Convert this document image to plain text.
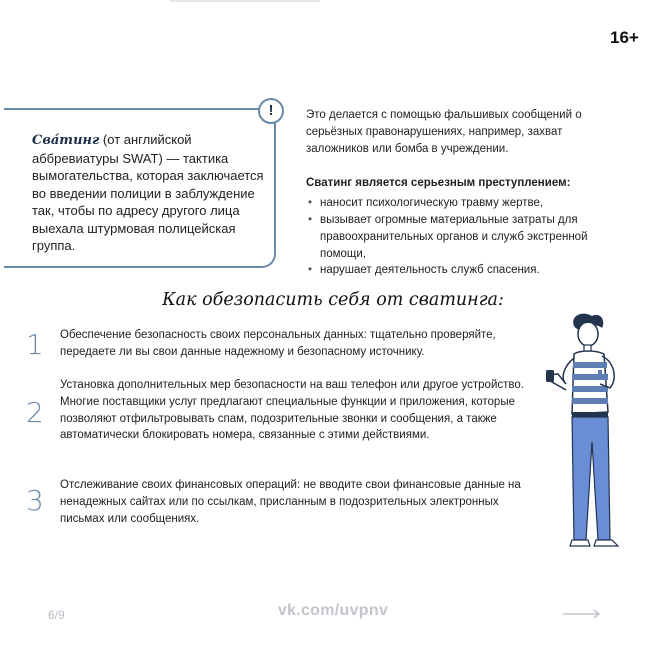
16+
!
Сва́тинг (от английской аббревиатуры SWAT) — тактика вымогательства, которая заключается во введении полиции в заблуждение так, чтобы по адресу другого лица выехала штурмовая полицейская группа.

Это делается с помощью фальшивых сообщений о серьёзных правонарушениях, например, захват заложников или бомба в учреждении.

Сватинг является серьезным преступлением:

• наносит психологическую травму жертве,
• вызывает огромные материальные затраты для правоохранительных органов и служб экстренной помощи,
• нарушает деятельность служб спасения.
Как обезопасить себя от сватинга:
1 Обеспечение безопасность своих персональных данных: тщательно проверяйте, передаете ли вы свои данные надежному и безопасному источнику.
2
Установка дополнительных мер безопасности на ваш телефон или другое устройство. Многие поставщики услуг предлагают специальные функции и приложения, которые позволяют отфильтровывать спам, подозрительные звонки и сообщения, а также автоматически блокировать номера, связанные с этими действиями.
3 Отслеживание своих финансовых операций: не вводите свои финансовые данные на ненадежных сайтах или по ссылкам, присланным в подозрительных электронных письмах или сообщениях.
6/9	vk.com/uvpnv
